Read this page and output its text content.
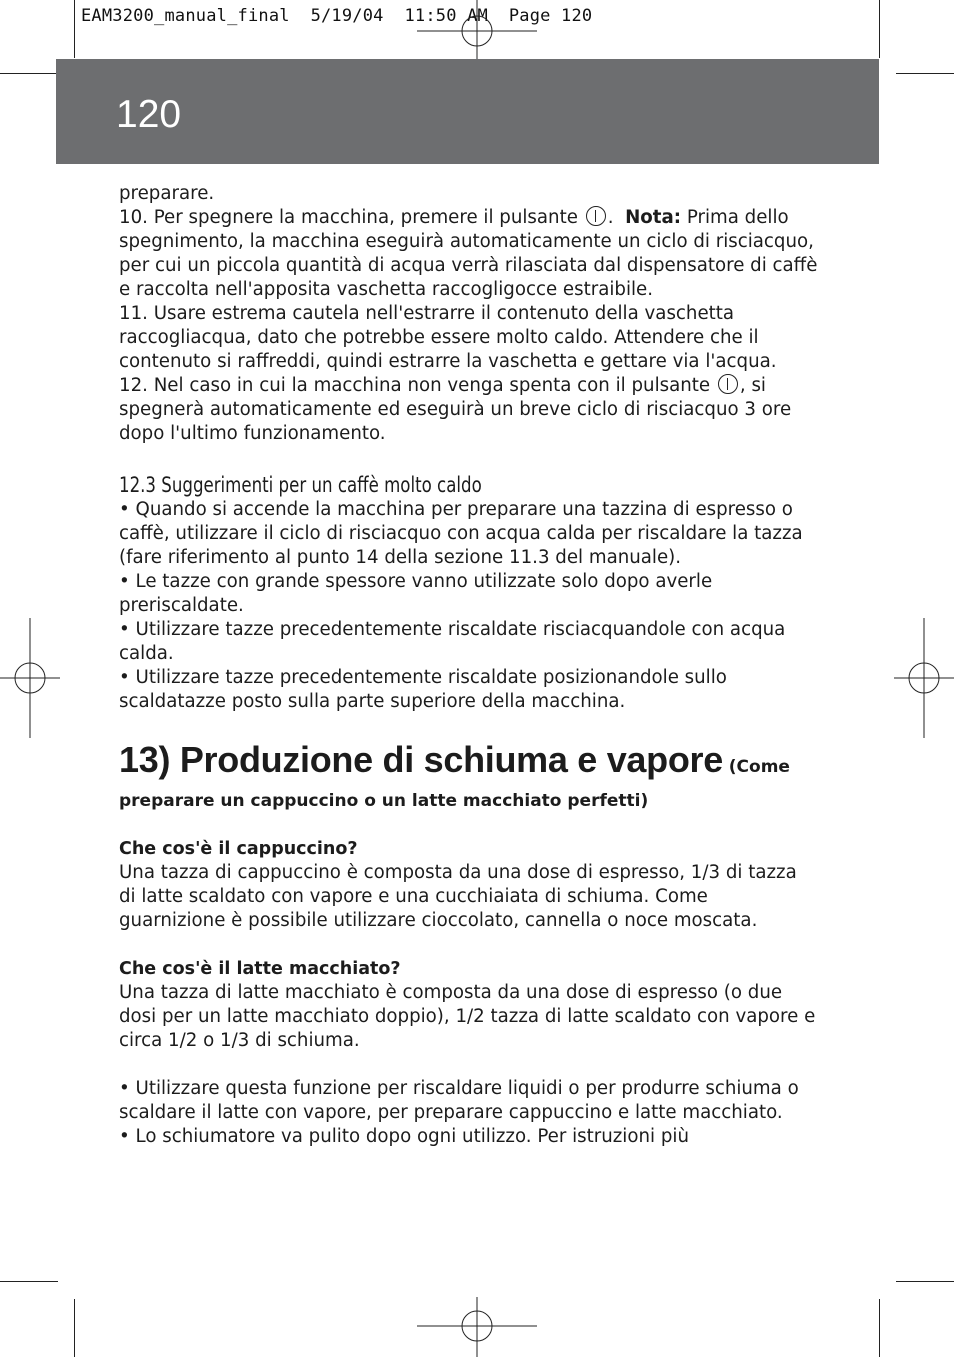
EAM3200_manual_final  5/19/04  11:50 AM  Page 120
120

preparare.

10. Per spegnere la macchina, premere il pulsante . Nota: Prima dello spegnimento, la macchina eseguirà automaticamente un ciclo di risciacquo, per cui un piccola quantità di acqua verrà rilasciata dal dispensatore di caffè e raccolta nell'apposita vaschetta raccogligocce estraibile.

11. Usare estrema cautela nell'estrarre il contenuto della vaschetta raccogliacqua, dato che potrebbe essere molto caldo. Attendere che il contenuto si raffreddi, quindi estrarre la vaschetta e gettare via l'acqua.

12. Nel caso in cui la macchina non venga spenta con il pulsante , si spegnerà automaticamente ed eseguirà un breve ciclo di risciacquo 3 ore dopo l'ultimo funzionamento.

12.3 Suggerimenti per un caffè molto caldo

• Quando si accende la macchina per preparare una tazzina di espresso o caffè, utilizzare il ciclo di risciacquo con acqua calda per riscaldare la tazza (fare riferimento al punto 14 della sezione 11.3 del manuale).

• Le tazze con grande spessore vanno utilizzate solo dopo averle preriscaldate.

• Utilizzare tazze precedentemente riscaldate risciacquandole con acqua calda.

• Utilizzare tazze precedentemente riscaldate posizionandole sullo scaldatazze posto sulla parte superiore della macchina.

13) Produzione di schiuma e vapore (Come

preparare un cappuccino o un latte macchiato perfetti)

Che cos'è il cappuccino?

Una tazza di cappuccino è composta da una dose di espresso, 1/3 di tazza di latte scaldato con vapore e una cucchiaiata di schiuma. Come guarnizione è possibile utilizzare cioccolato, cannella o noce moscata.

Che cos'è il latte macchiato?

Una tazza di latte macchiato è composta da una dose di espresso (o due dosi per un latte macchiato doppio), 1/2 tazza di latte scaldato con vapore e circa 1/2 o 1/3 di schiuma.

• Utilizzare questa funzione per riscaldare liquidi o per produrre schiuma o scaldare il latte con vapore, per preparare cappuccino e latte macchiato.

• Lo schiumatore va pulito dopo ogni utilizzo. Per istruzioni più
